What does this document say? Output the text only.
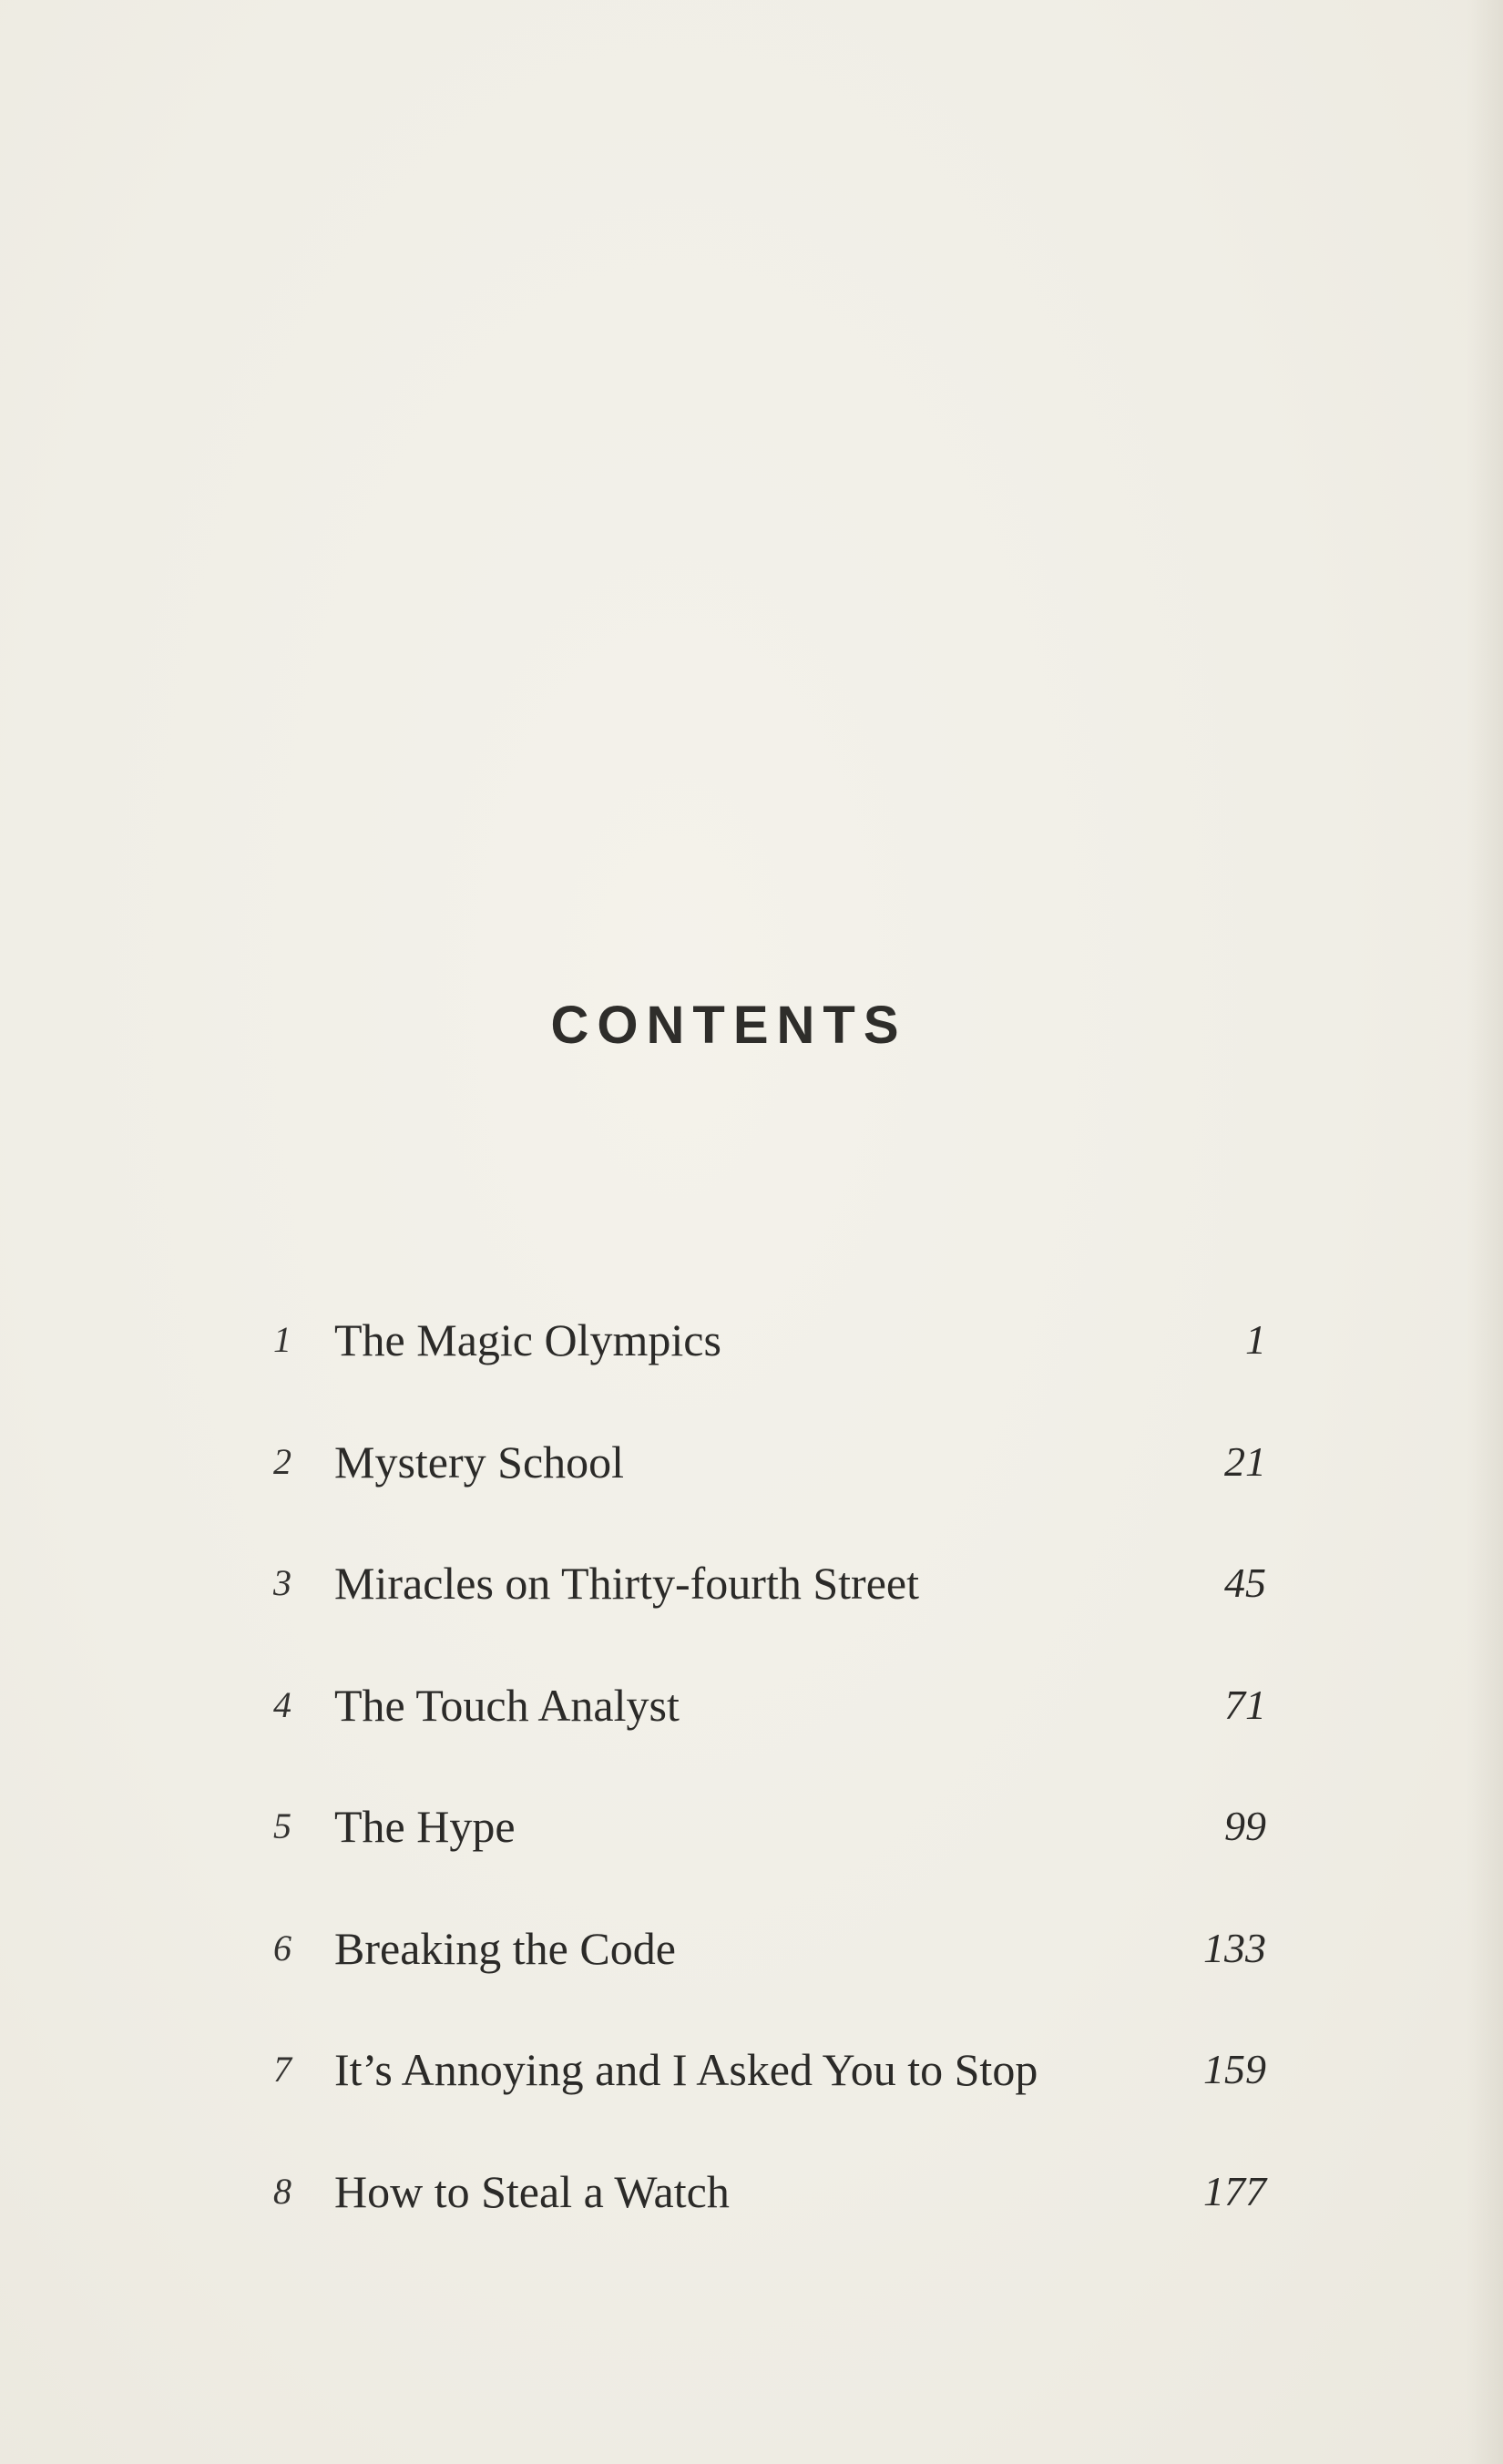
CONTENTS
1 The Magic Olympics	1
2 Mystery School	21
3 Miracles on Thirty-fourth Street	45
4 The Touch Analyst	71
5 The Hype	99
6 Breaking the Code	133
7 It’s Annoying and I Asked You to Stop	159
8 How to Steal a Watch	177
